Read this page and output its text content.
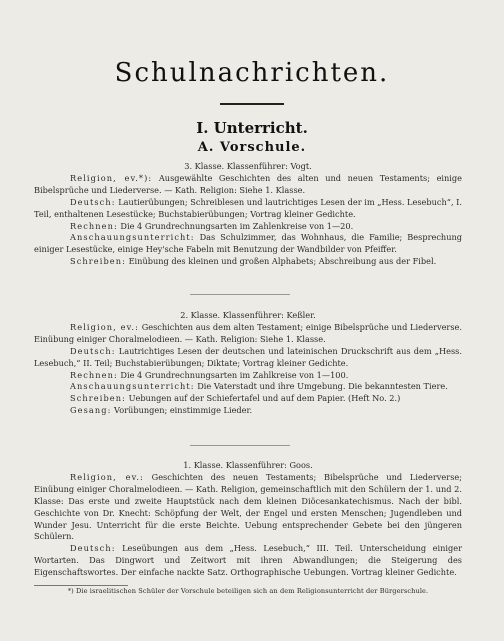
Schulnachrichten.
I. Unterricht.
A. Vorschule.

3. Klasse. Klassenführer: Vogt.

Religion, ev.*): Ausgewählte Geschichten des alten und neuen Testaments; einige Bibelsprüche und Liederverse. — Kath. Religion: Siehe 1. Klasse.

Deutsch: Lautierübungen; Schreiblesen und lautrichtiges Lesen der im „Hess. Lesebuch“, I. Teil, enthaltenen Lesestücke; Buchstabierübungen; Vortrag kleiner Gedichte.

Rechnen: Die 4 Grundrechnungsarten im Zahlenkreise von 1—20.

Anschauungsunterricht: Das Schulzimmer, das Wohnhaus, die Familie; Besprechung einiger Lesestücke, einige Hey'sche Fabeln mit Benutzung der Wandbilder von Pfeiffer.

Schreiben: Einübung des kleinen und großen Alphabets; Abschreibung aus der Fibel.

2. Klasse. Klassenführer: Keßler.

Religion, ev.: Geschichten aus dem alten Testament; einige Bibelsprüche und Liederverse. Einübung einiger Choralmelodieen. — Kath. Religion: Siehe 1. Klasse.

Deutsch: Lautrichtiges Lesen der deutschen und lateinischen Druckschrift aus dem „Hess. Lesebuch,“ II. Teil; Buchstabierübungen; Diktate; Vortrag kleiner Gedichte.

Rechnen: Die 4 Grundrechnungsarten im Zahlkreise von 1—100.

Anschauungsunterricht: Die Vaterstadt und ihre Umgebung. Die bekanntesten Tiere.

Schreiben: Uebungen auf der Schiefertafel und auf dem Papier. (Heft No. 2.)

Gesang: Vorübungen; einstimmige Lieder.

1. Klasse. Klassenführer: Goos.

Religion, ev.: Geschichten des neuen Testaments; Bibelsprüche und Liederverse; Einübung einiger Choralmelodieen. — Kath. Religion, gemeinschaftlich mit den Schülern der 1. und 2. Klasse: Das erste und zweite Hauptstück nach dem kleinen Diöcesankatechismus. Nach der bibl. Geschichte von Dr. Knecht: Schöpfung der Welt, der Engel und ersten Menschen; Jugendleben und Wunder Jesu. Unterricht für die erste Beichte. Uebung entsprechender Gebete bei den jüngeren Schülern.

Deutsch: Leseübungen aus dem „Hess. Lesebuch,“ III. Teil. Unterscheidung einiger Wortarten. Das Dingwort und Zeitwort mit ihren Abwandlungen; die Steigerung des Eigenschaftswortes. Der einfache nackte Satz. Orthographische Uebungen. Vortrag kleiner Gedichte.

*) Die israelitischen Schüler der Vorschule beteiligen sich an dem Religionsunterricht der Bürgerschule.
